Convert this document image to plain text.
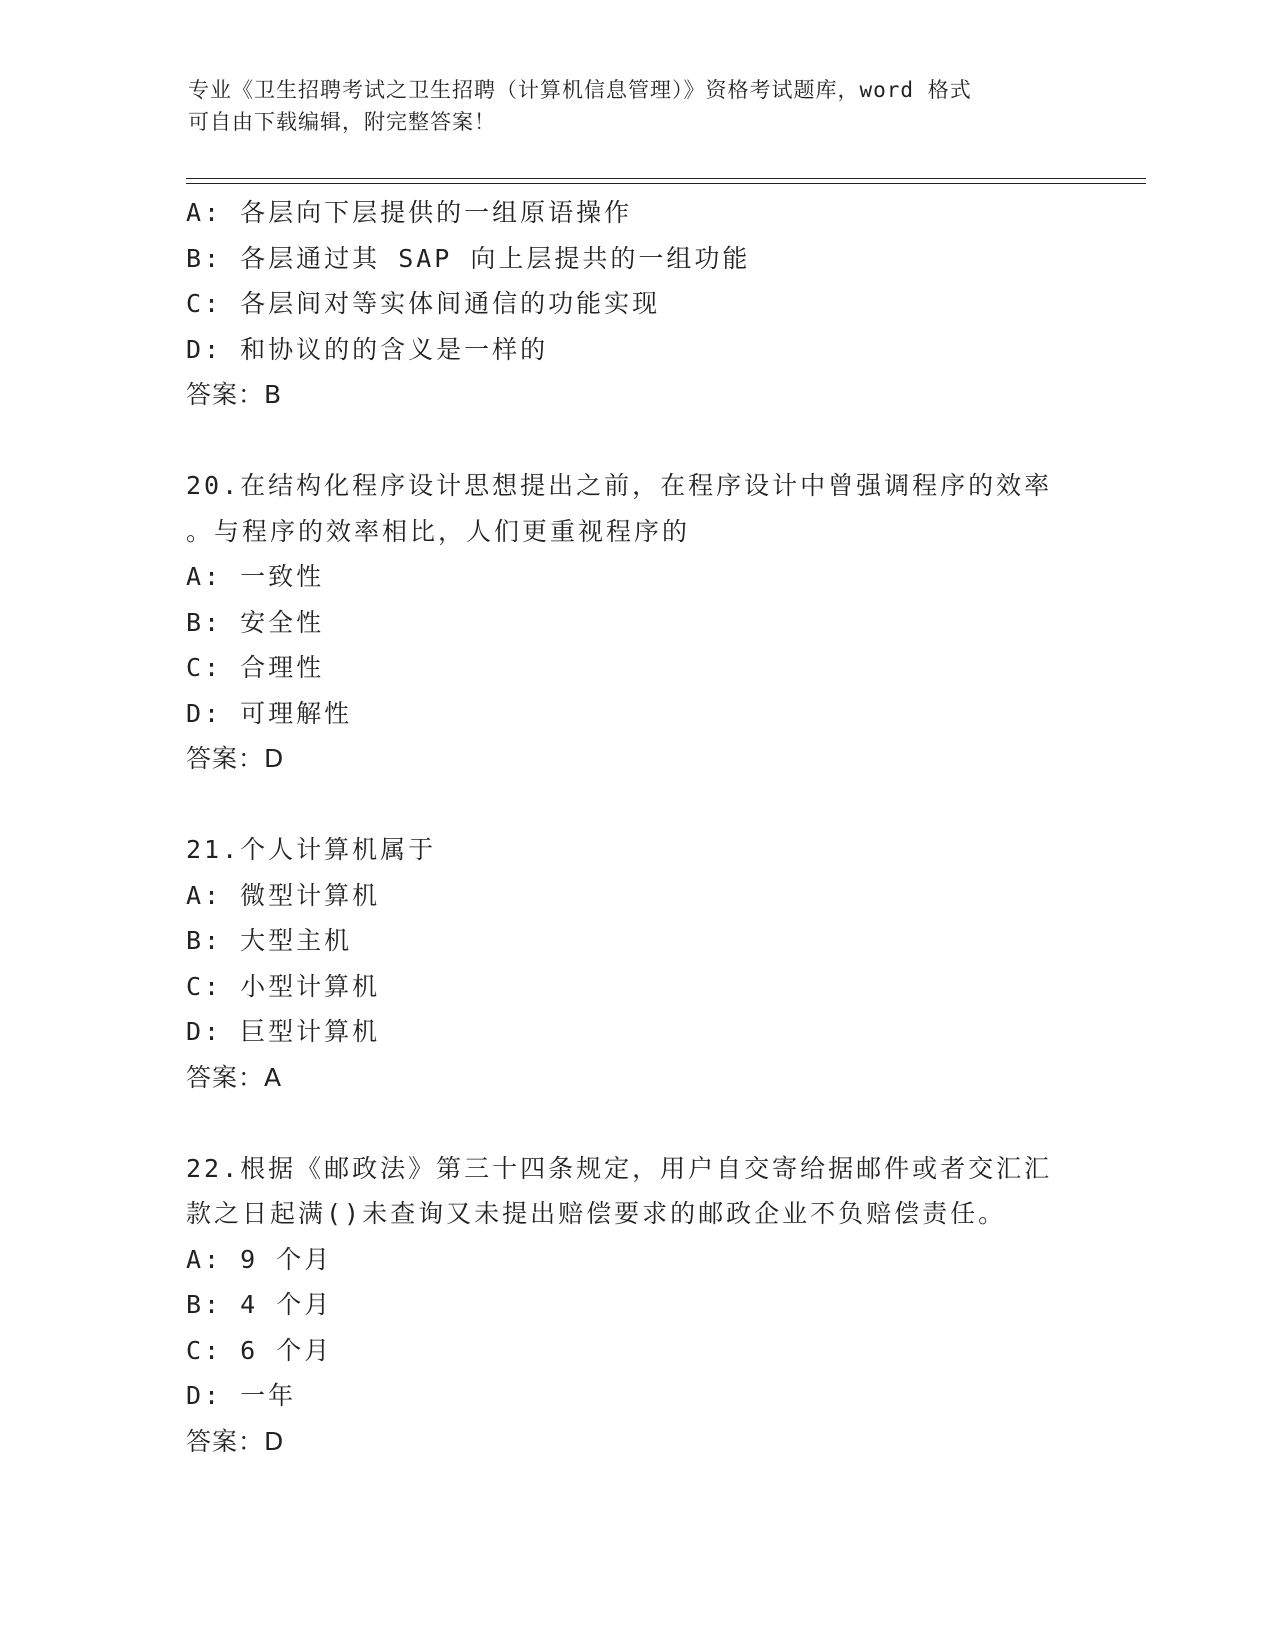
专业《卫生招聘考试之卫生招聘（计算机信息管理）》资格考试题库，word 格式
可自由下载编辑，附完整答案！
A: 各层向下层提供的一组原语操作
B: 各层通过其 SAP 向上层提共的一组功能
C: 各层间对等实体间通信的功能实现
D: 和协议的的含义是一样的
答案：B
20.在结构化程序设计思想提出之前，在程序设计中曾强调程序的效率
。与程序的效率相比，人们更重视程序的
A: 一致性
B: 安全性
C: 合理性
D: 可理解性
答案：D
21.个人计算机属于
A: 微型计算机
B: 大型主机
C: 小型计算机
D: 巨型计算机
答案：A
22.根据《邮政法》第三十四条规定，用户自交寄给据邮件或者交汇汇
款之日起满()未查询又未提出赔偿要求的邮政企业不负赔偿责任。
A: 9 个月
B: 4 个月
C: 6 个月
D: 一年
答案：D
